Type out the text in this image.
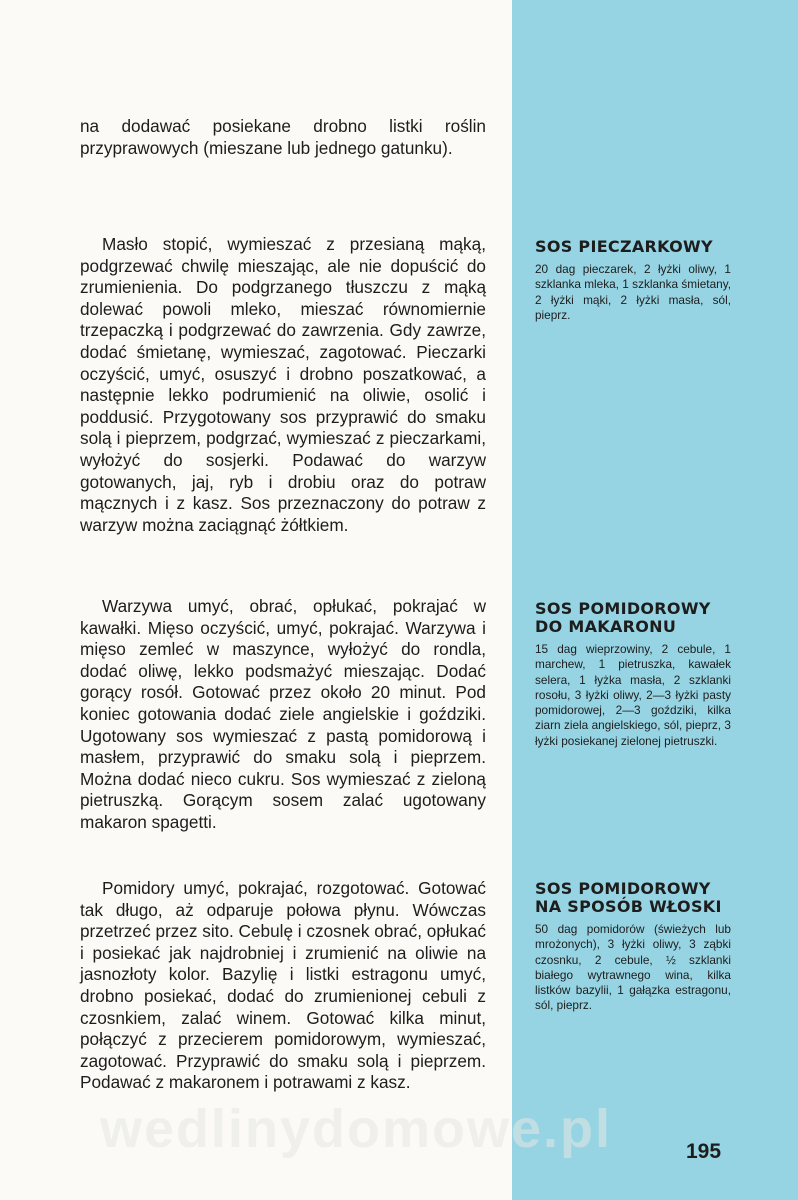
na dodawać posiekane drobno listki roślin przyprawowych (mieszane lub jednego gatunku).

Masło stopić, wymieszać z przesianą mąką, podgrzewać chwilę mieszając, ale nie dopuścić do zrumienienia. Do podgrzanego tłuszczu z mąką dolewać powoli mleko, mieszać równomiernie trzepaczką i podgrzewać do zawrzenia. Gdy zawrze, dodać śmietanę, wymieszać, zagotować. Pieczarki oczyścić, umyć, osuszyć i drobno poszatkować, a następnie lekko podrumienić na oliwie, osolić i poddusić. Przygotowany sos przyprawić do smaku solą i pieprzem, podgrzać, wymieszać z pieczarkami, wyłożyć do sosjerki. Podawać do warzyw gotowanych, jaj, ryb i drobiu oraz do potraw mącznych i z kasz. Sos przeznaczony do potraw z warzyw można zaciągnąć żółtkiem.

Warzywa umyć, obrać, opłukać, pokrajać w kawałki. Mięso oczyścić, umyć, pokrajać. Warzywa i mięso zemleć w maszynce, wyłożyć do rondla, dodać oliwę, lekko podsmażyć mieszając. Dodać gorący rosół. Gotować przez około 20 minut. Pod koniec gotowania dodać ziele angielskie i goździki. Ugotowany sos wymieszać z pastą pomidorową i masłem, przyprawić do smaku solą i pieprzem. Można dodać nieco cukru. Sos wymieszać z zieloną pietruszką. Gorącym sosem zalać ugotowany makaron spagetti.

Pomidory umyć, pokrajać, rozgotować. Gotować tak długo, aż odparuje połowa płynu. Wówczas przetrzeć przez sito. Cebulę i czosnek obrać, opłukać i posiekać jak najdrobniej i zrumienić na oliwie na jasnozłoty kolor. Bazylię i listki estragonu umyć, drobno posiekać, dodać do zrumienionej cebuli z czosnkiem, zalać winem. Gotować kilka minut, połączyć z przecierem pomidorowym, wymieszać, zagotować. Przyprawić do smaku solą i pieprzem. Podawać z makaronem i potrawami z kasz.

SOS PIECZARKOWY

20 dag pieczarek, 2 łyżki oliwy, 1 szklanka mleka, 1 szklanka śmietany, 2 łyżki mąki, 2 łyżki masła, sól, pieprz.

SOS POMIDOROWY DO MAKARONU

15 dag wieprzowiny, 2 cebule, 1 marchew, 1 pietruszka, kawałek selera, 1 łyżka masła, 2 szklanki rosołu, 3 łyżki oliwy, 2—3 łyżki pasty pomidorowej, 2—3 goździki, kilka ziarn ziela angielskiego, sól, pieprz, 3 łyżki posiekanej zielonej pietruszki.

SOS POMIDOROWY NA SPOSÓB WŁOSKI

50 dag pomidorów (świeżych lub mrożonych), 3 łyżki oliwy, 3 ząbki czosnku, 2 cebule, ½ szklanki białego wytrawnego wina, kilka listków bazylii, 1 gałązka estragonu, sól, pieprz.

wedlinydomowe.pl	195
